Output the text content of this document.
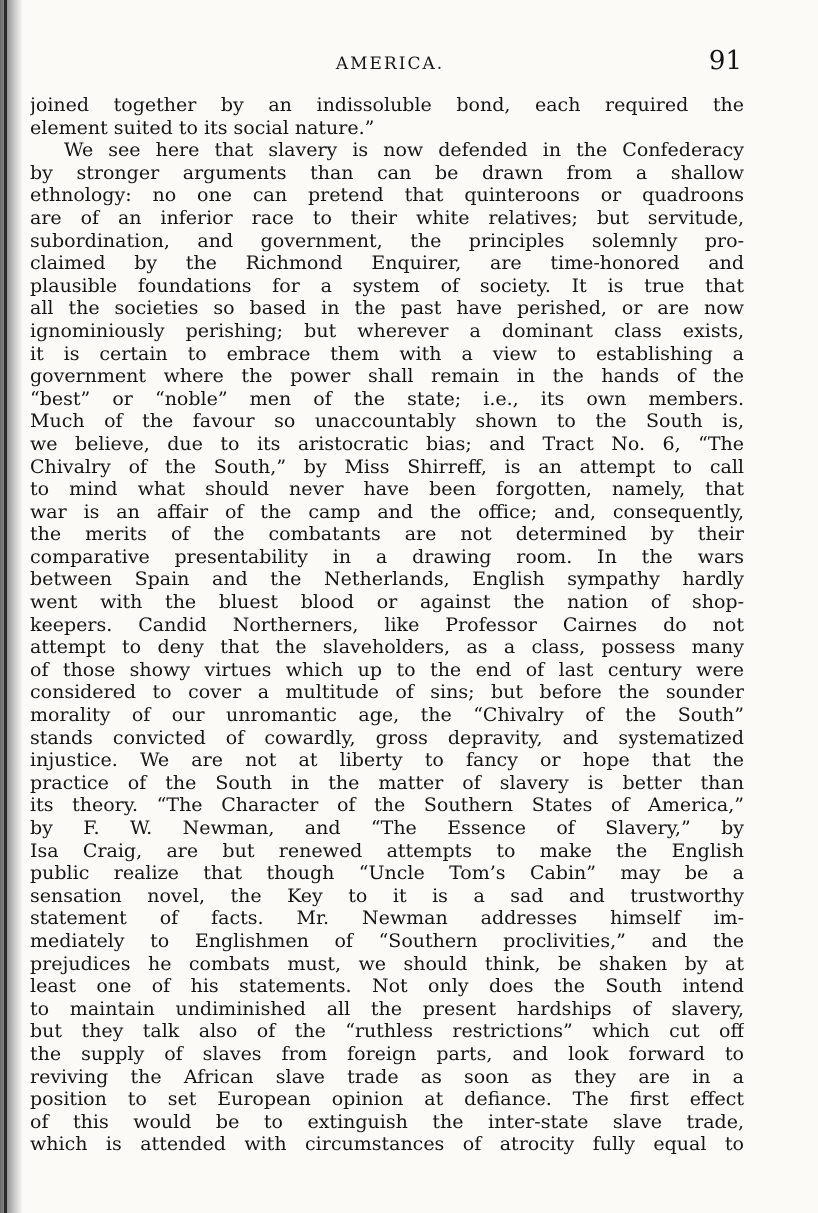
AMERICA.	91
joined together by an indissoluble bond, each required the
element suited to its social nature.”
We see here that slavery is now defended in the Confederacy
by stronger arguments than can be drawn from a shallow
ethnology: no one can pretend that quinteroons or quadroons
are of an inferior race to their white relatives; but servitude,
subordination, and government, the principles solemnly pro-
claimed by the Richmond Enquirer, are time-honored and
plausible foundations for a system of society. It is true that
all the societies so based in the past have perished, or are now
ignominiously perishing; but wherever a dominant class exists,
it is certain to embrace them with a view to establishing a
government where the power shall remain in the hands of the
“best” or “noble” men of the state; i.e., its own members.
Much of the favour so unaccountably shown to the South is,
we believe, due to its aristocratic bias; and Tract No. 6, “The
Chivalry of the South,” by Miss Shirreff, is an attempt to call
to mind what should never have been forgotten, namely, that
war is an affair of the camp and the office; and, consequently,
the merits of the combatants are not determined by their
comparative presentability in a drawing room. In the wars
between Spain and the Netherlands, English sympathy hardly
went with the bluest blood or against the nation of shop-
keepers. Candid Northerners, like Professor Cairnes do not
attempt to deny that the slaveholders, as a class, possess many
of those showy virtues which up to the end of last century were
considered to cover a multitude of sins; but before the sounder
morality of our unromantic age, the “Chivalry of the South”
stands convicted of cowardly, gross depravity, and systematized
injustice. We are not at liberty to fancy or hope that the
practice of the South in the matter of slavery is better than
its theory. “The Character of the Southern States of America,”
by F. W. Newman, and “The Essence of Slavery,” by
Isa Craig, are but renewed attempts to make the English
public realize that though “Uncle Tom’s Cabin” may be a
sensation novel, the Key to it is a sad and trustworthy
statement of facts. Mr. Newman addresses himself im-
mediately to Englishmen of “Southern proclivities,” and the
prejudices he combats must, we should think, be shaken by at
least one of his statements. Not only does the South intend
to maintain undiminished all the present hardships of slavery,
but they talk also of the “ruthless restrictions” which cut off
the supply of slaves from foreign parts, and look forward to
reviving the African slave trade as soon as they are in a
position to set European opinion at defiance. The first effect
of this would be to extinguish the inter-state slave trade,
which is attended with circumstances of atrocity fully equal to
